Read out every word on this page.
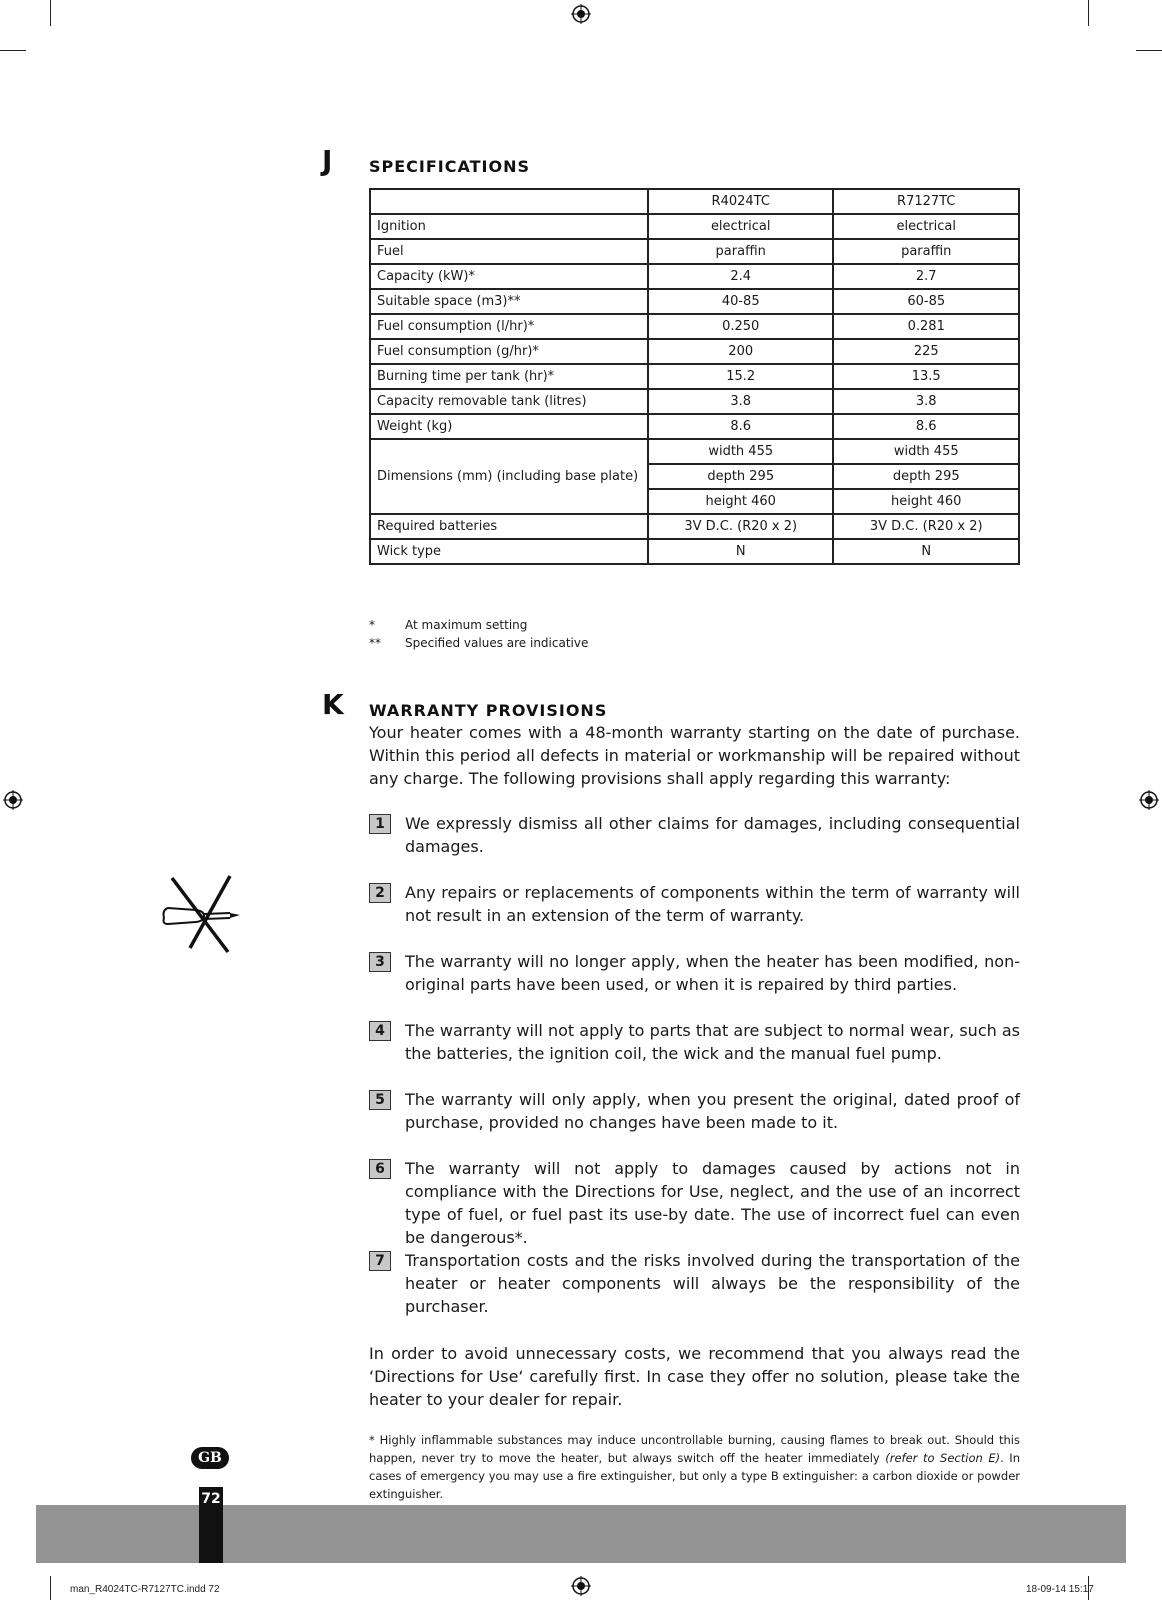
J SPECIFICATIONS
	R4024TC	R7127TC
Ignition	electrical	electrical
Fuel	paraffin	paraffin
Capacity (kW)*	2.4	2.7
Suitable space (m3)**	40-85	60-85
Fuel consumption (l/hr)*	0.250	0.281
Fuel consumption (g/hr)*	200	225
Burning time per tank (hr)*	15.2	13.5
Capacity removable tank (litres)	3.8	3.8
Weight (kg)	8.6	8.6
Dimensions (mm) (including base plate)	width 455	width 455
	depth 295	depth 295
	height 460	height 460
Required batteries	3V D.C. (R20 x 2)	3V D.C. (R20 x 2)
Wick type	N	N
*	At maximum setting
**	Specified values are indicative
K WARRANTY PROVISIONS

Your heater comes with a 48-month warranty starting on the date of purchase. Within this period all defects in material or workmanship will be repaired without any charge. The following provisions shall apply regarding this warranty:

1	We expressly dismiss all other claims for damages, including consequential damages.

2	Any repairs or replacements of components within the term of warranty will not result in an extension of the term of warranty.

3	The warranty will no longer apply, when the heater has been modified, non-original parts have been used, or when it is repaired by third parties.

4	The warranty will not apply to parts that are subject to normal wear, such as the batteries, the ignition coil, the wick and the manual fuel pump.

5	The warranty will only apply, when you present the original, dated proof of purchase, provided no changes have been made to it.

6	The warranty will not apply to damages caused by actions not in compliance with the Directions for Use, neglect, and the use of an incorrect type of fuel, or fuel past its use-by date. The use of incorrect fuel can even be dangerous*.

7	Transportation costs and the risks involved during the transportation of the heater or heater components will always be the responsibility of the purchaser.

In order to avoid unnecessary costs, we recommend that you always read the ‘Directions for Use‘ carefully first. In case they offer no solution, please take the heater to your dealer for repair.

* Highly inflammable substances may induce uncontrollable burning, causing flames to break out. Should this happen, never try to move the heater, but always switch off the heater immediately (refer to Section E). In cases of emergency you may use a fire extinguisher, but only a type B extinguisher: a carbon dioxide or powder extinguisher.

GB
72
man_R4024TC-R7127TC.indd 72	18-09-14 15:17
